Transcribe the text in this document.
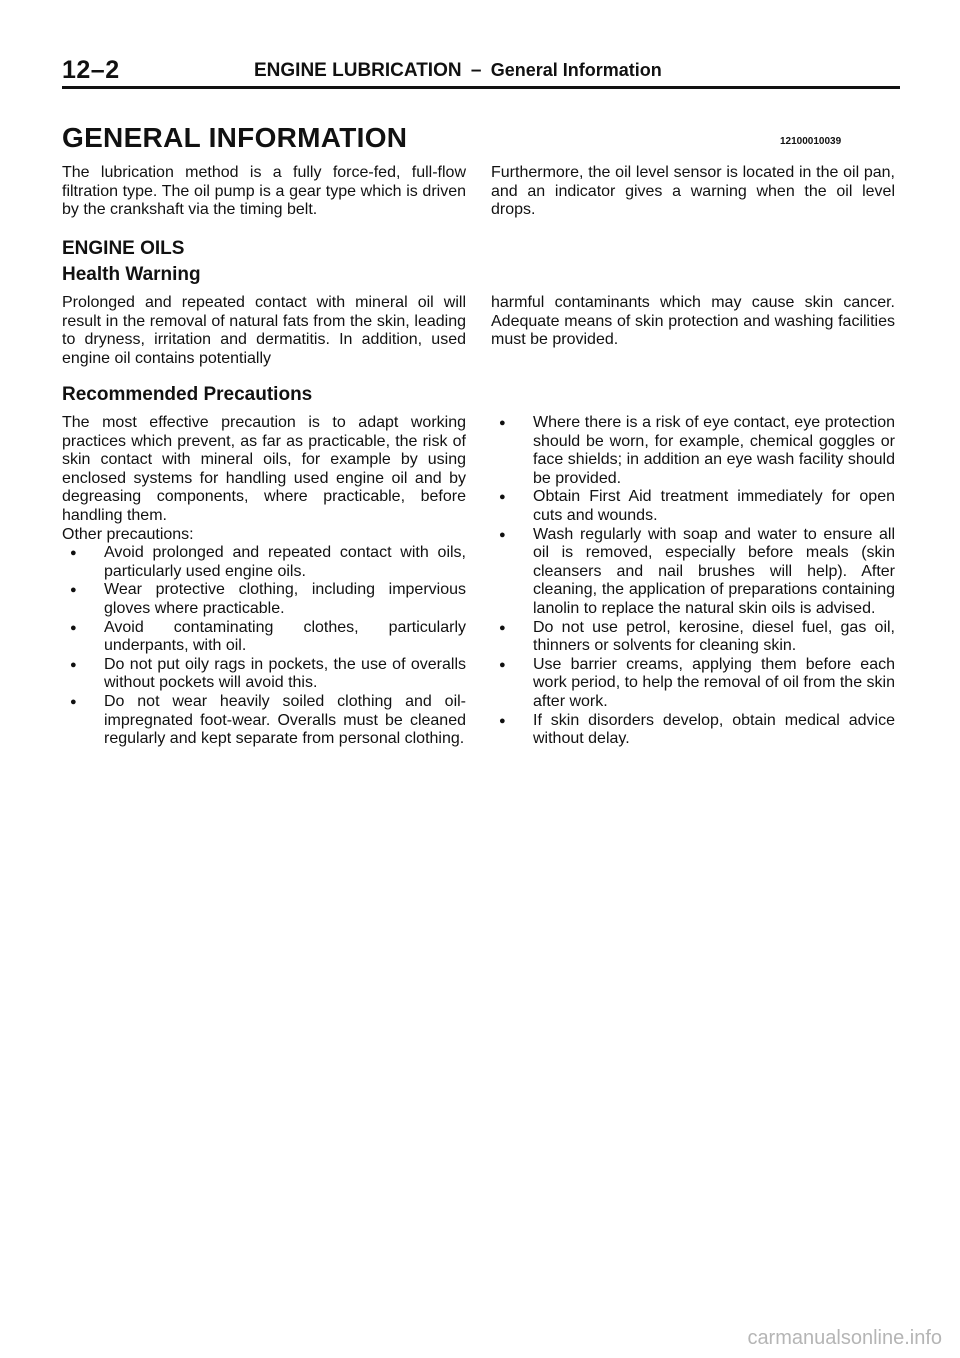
12–2	ENGINE LUBRICATION – General Information
GENERAL INFORMATION	12100010039

The lubrication method is a fully force-fed, full-flow filtration type. The oil pump is a gear type which is driven by the crankshaft via the timing belt.

Furthermore, the oil level sensor is located in the oil pan, and an indicator gives a warning when the oil level drops.

ENGINE OILS
Health Warning

Prolonged and repeated contact with mineral oil will result in the removal of natural fats from the skin, leading to dryness, irritation and dermatitis. In addition, used engine oil contains potentially

harmful contaminants which may cause skin cancer. Adequate means of skin protection and washing facilities must be provided.

Recommended Precautions

The most effective precaution is to adapt working practices which prevent, as far as practicable, the risk of skin contact with mineral oils, for example by using enclosed systems for handling used engine oil and by degreasing components, where practicable, before handling them.

Other precautions:

● Avoid prolonged and repeated contact with oils, particularly used engine oils.
● Wear protective clothing, including impervious gloves where practicable.
● Avoid contaminating clothes, particularly underpants, with oil.
● Do not put oily rags in pockets, the use of overalls without pockets will avoid this.
● Do not wear heavily soiled clothing and oil-impregnated foot-wear. Overalls must be cleaned regularly and kept separate from personal clothing.
● Where there is a risk of eye contact, eye protection should be worn, for example, chemical goggles or face shields; in addition an eye wash facility should be provided.
● Obtain First Aid treatment immediately for open cuts and wounds.
● Wash regularly with soap and water to ensure all oil is removed, especially before meals (skin cleansers and nail brushes will help). After cleaning, the application of preparations containing lanolin to replace the natural skin oils is advised.
● Do not use petrol, kerosine, diesel fuel, gas oil, thinners or solvents for cleaning skin.
● Use barrier creams, applying them before each work period, to help the removal of oil from the skin after work.
● If skin disorders develop, obtain medical advice without delay.
carmanualsonline.info
